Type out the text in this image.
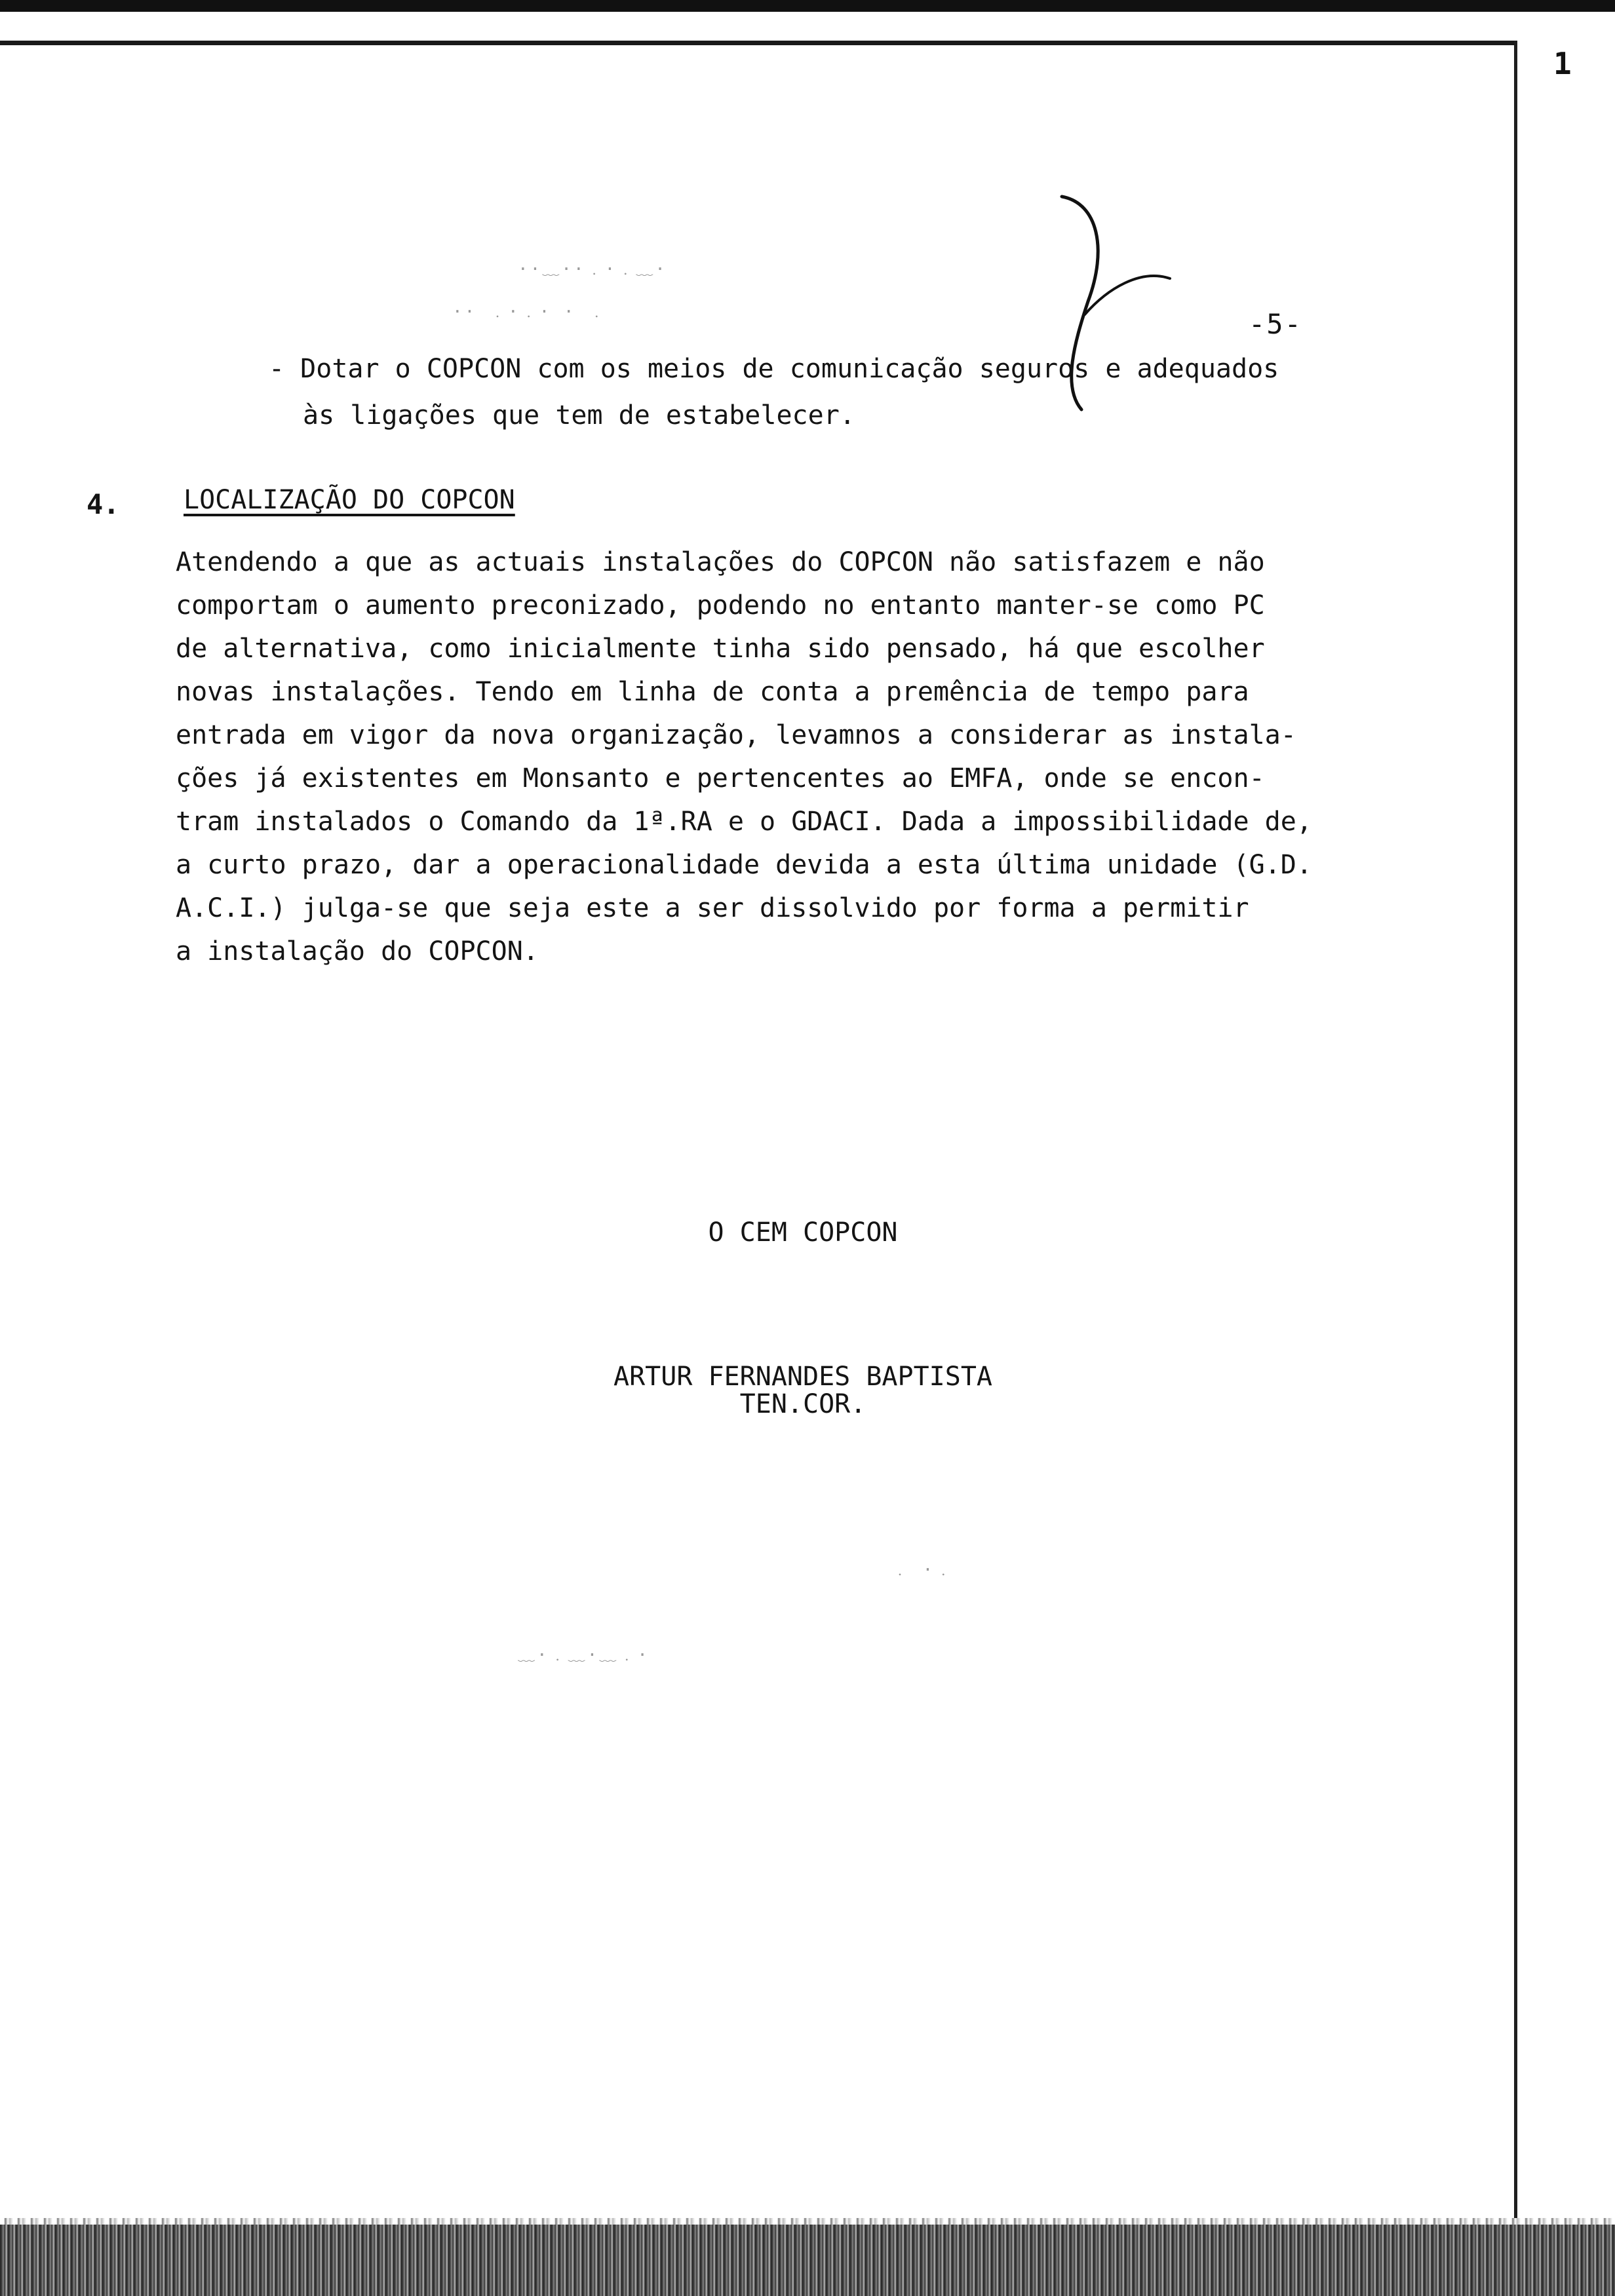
1
··﹏··﹒·﹒﹏·
·· ﹒·﹒· · ﹒
﹏·﹒﹏·﹏﹒·
﹒ ·﹒
-5-
- Dotar o COPCON com os meios de comunicação seguros e adequados
às ligações que tem de estabelecer.
4. LOCALIZAÇÃO DO COPCON
Atendendo a que as actuais instalações do COPCON não satisfazem e não
comportam o aumento preconizado, podendo no entanto manter-se como PC
de alternativa, como inicialmente tinha sido pensado, há que escolher
novas instalações. Tendo em linha de conta a premência de tempo para
entrada em vigor da nova organização, levamnos a considerar as instala-
ções já existentes em Monsanto e pertencentes ao EMFA, onde se encon-
tram instalados o Comando da 1ª.RA e o GDACI. Dada a impossibilidade de,
a curto prazo, dar a operacionalidade devida a esta última unidade (G.D.
A.C.I.) julga-se que seja este a ser dissolvido por forma a permitir
a instalação do COPCON.
O CEM COPCON
ARTUR FERNANDES BAPTISTA
TEN.COR.
